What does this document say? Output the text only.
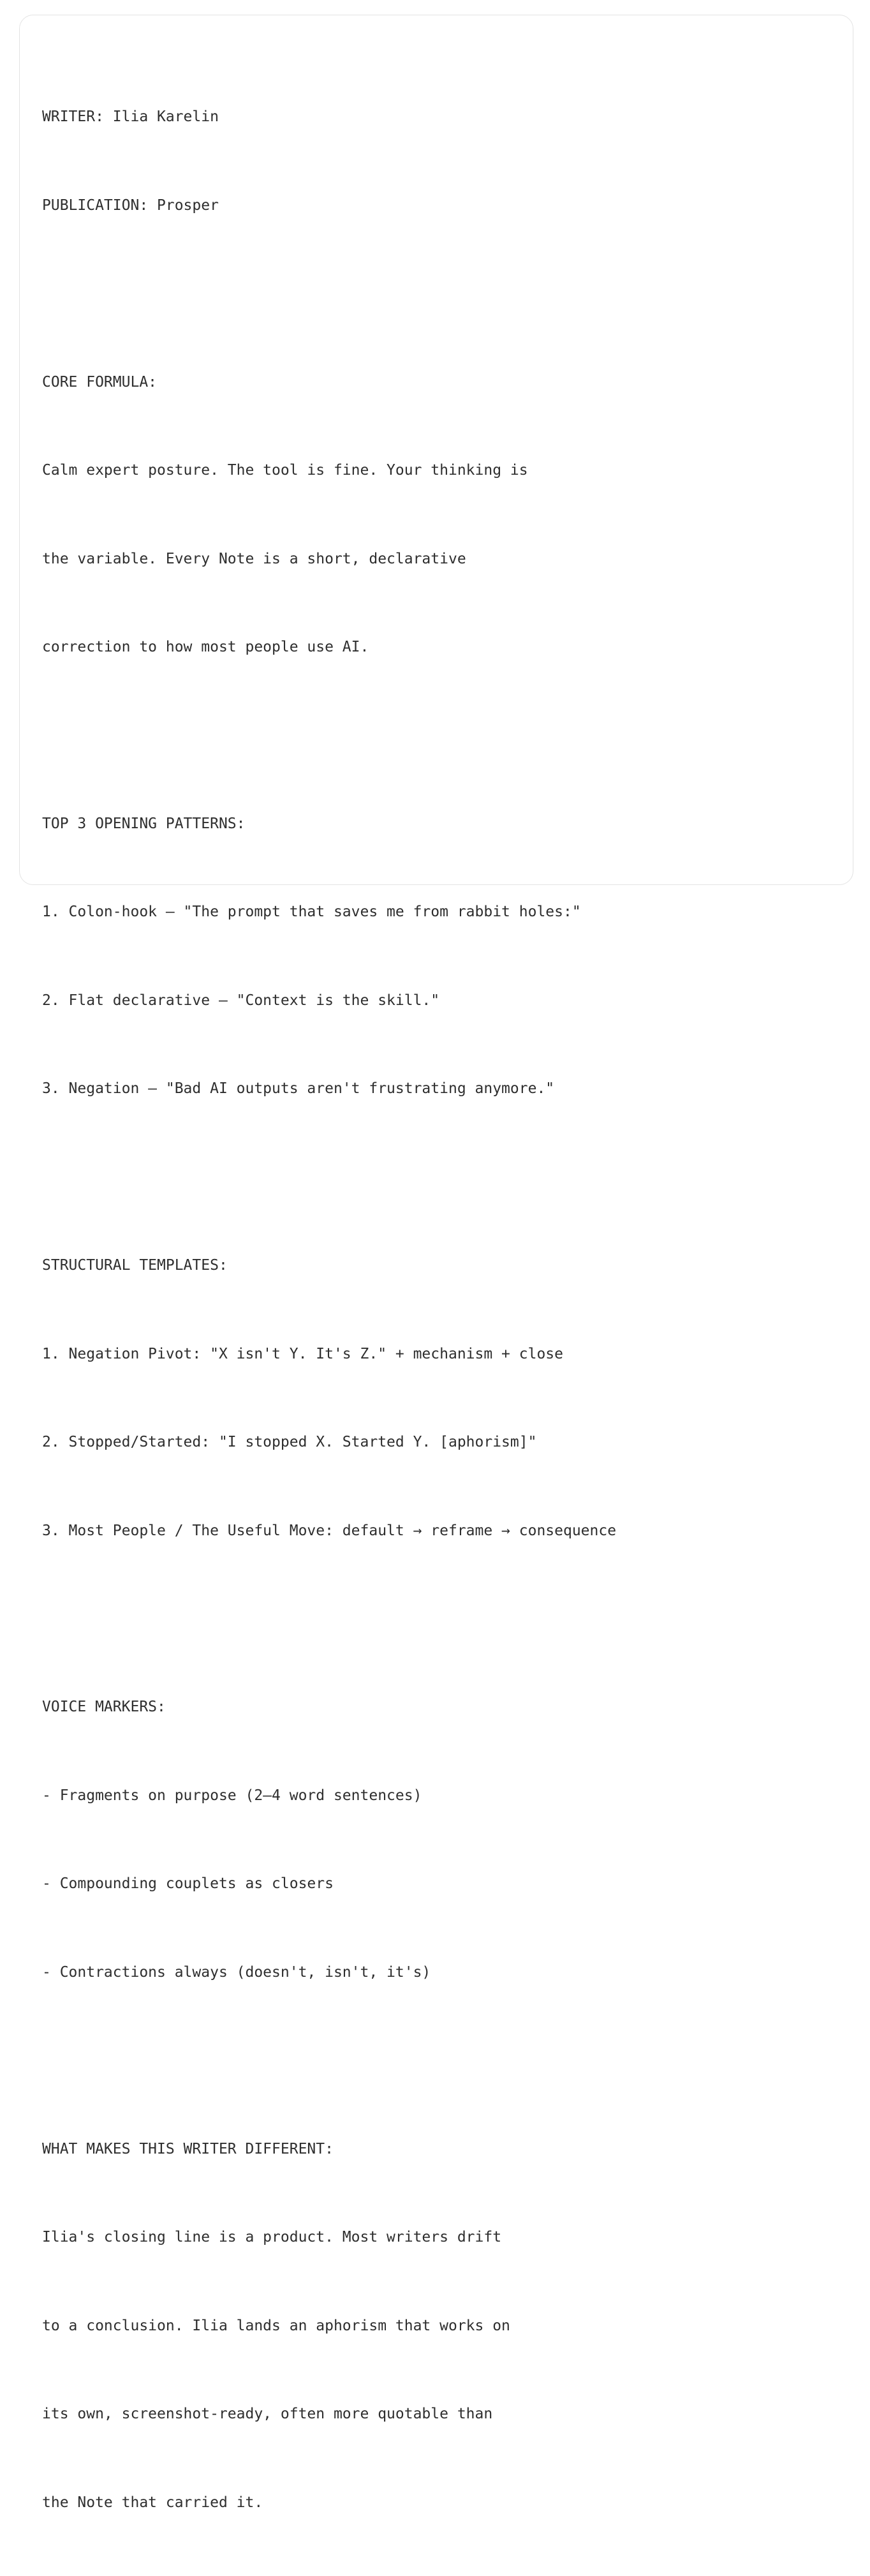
WRITER: Ilia Karelin

PUBLICATION: Prosper

CORE FORMULA:

Calm expert posture. The tool is fine. Your thinking is

the variable. Every Note is a short, declarative

correction to how most people use AI.

TOP 3 OPENING PATTERNS:

1. Colon-hook — "The prompt that saves me from rabbit holes:"

2. Flat declarative — "Context is the skill."

3. Negation — "Bad AI outputs aren't frustrating anymore."

STRUCTURAL TEMPLATES:

1. Negation Pivot: "X isn't Y. It's Z." + mechanism + close

2. Stopped/Started: "I stopped X. Started Y. [aphorism]"

3. Most People / The Useful Move: default → reframe → consequence

VOICE MARKERS:

- Fragments on purpose (2–4 word sentences)

- Compounding couplets as closers

- Contractions always (doesn't, isn't, it's)

WHAT MAKES THIS WRITER DIFFERENT:

Ilia's closing line is a product. Most writers drift

to a conclusion. Ilia lands an aphorism that works on

its own, screenshot-ready, often more quotable than

the Note that carried it.
